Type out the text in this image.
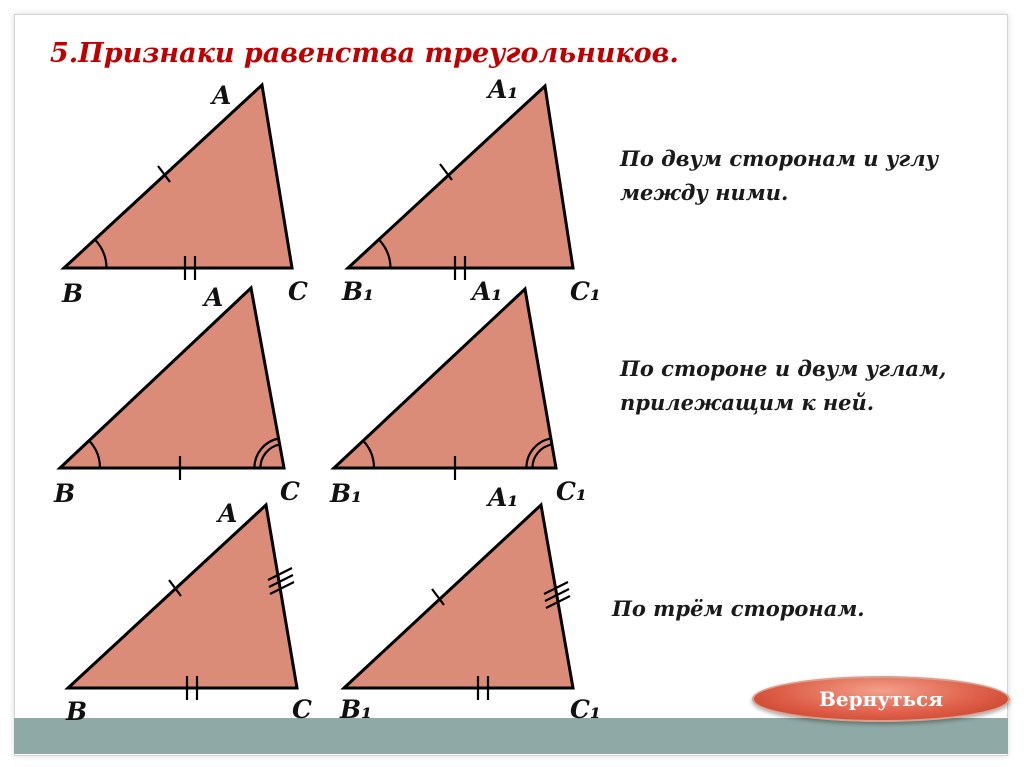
5.Признаки равенства треугольников.
A
B	C
A₁
B₁	C₁
A
B	C
A₁
B₁	C₁
A
B	C
A₁
B₁	C₁
По двум сторонам и углу между ними.
По стороне и двум углам, прилежащим к ней.
По трём сторонам.
Вернуться
